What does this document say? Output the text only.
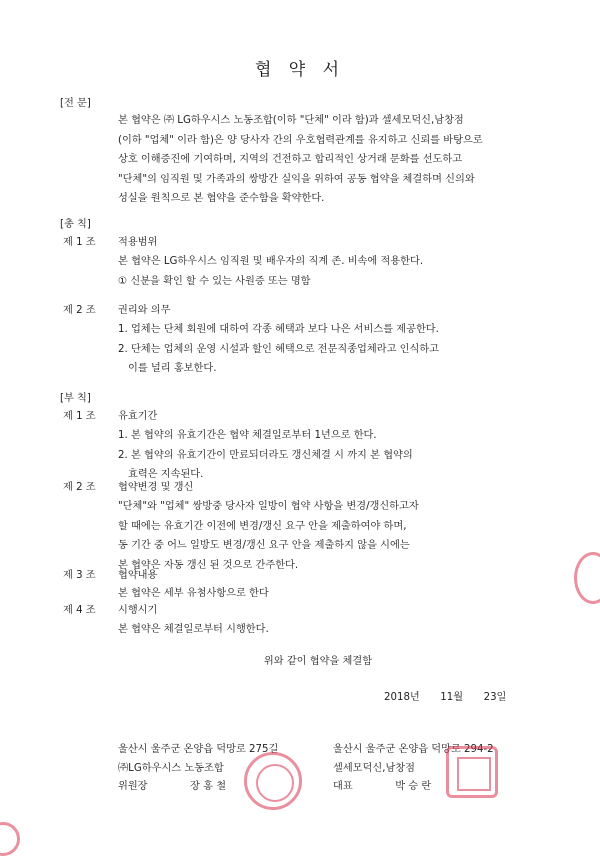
협 약 서
[전 문]
본 협약은 ㈜ LG하우시스 노동조합(이하 "단체" 이라 함)과 셀세모덕신,남창점
(이하 "업체" 이라 함)은 양 당사자 간의 우호협력관계를 유지하고 신뢰를 바탕으로
상호 이해증진에 기여하며, 지역의 건전하고 합리적인 상거래 문화를 선도하고
"단체"의 임직원 및 가족과의 쌍방간 실익을 위하여 공동 협약을 체결하며 신의와
성실을 원칙으로 본 협약을 준수함을 확약한다.
[총 칙]
제 1 조 적용범위
본 협약은 LG하우시스 임직원 및 배우자의 직계 존. 비속에 적용한다.
① 신분을 확인 할 수 있는 사원증 또는 명함
제 2 조 권리와 의무
1. 업체는 단체 회원에 대하여 각종 혜택과 보다 나은 서비스를 제공한다.
2. 단체는 업체의 운영 시설과 할인 혜택으로 전문직종업체라고 인식하고
이를 널리 홍보한다.
[부 칙]
제 1 조 유효기간
1. 본 협약의 유효기간은 협약 체결일로부터 1년으로 한다.
2. 본 협약의 유효기간이 만료되더라도 갱신체결 시 까지 본 협약의
효력은 지속된다.
제 2 조 협약변경 및 갱신
"단체"와 "업체" 쌍방중 당사자 일방이 협약 사항을 변경/갱신하고자
할 때에는 유효기간 이전에 변경/갱신 요구 안을 제출하여야 하며,
동 기간 중 어느 일방도 변경/갱신 요구 안을 제출하지 않을 시에는
본 협약은 자동 갱신 된 것으로 간주한다.
제 3 조 협약내용
본 협약은 세부 유첨사항으로 한다
제 4 조 시행시기
본 협약은 체결일로부터 시행한다.
위와 같이 협약을 체결함
2018년 11월 23일
울산시 울주군 온양읍 덕망로 275길
㈜LG하우시스 노동조합
위원장	장 홍 철
울산시 울주군 온양읍 덕망로 294-2
셀세모덕신,남창점
대표	박 승 란
